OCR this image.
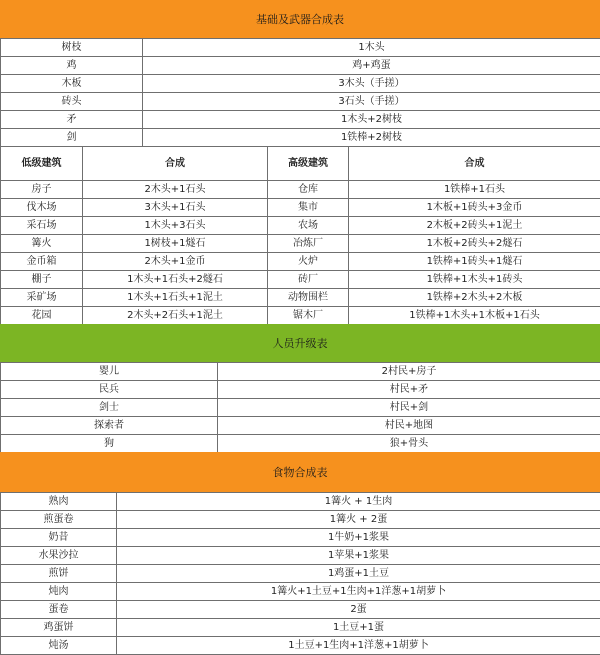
基础及武器合成表
树枝	1木头
鸡	鸡+鸡蛋
木板	3木头（手搓）
砖头	3石头（手搓）
矛	1木头+2树枝
剑	1铁棒+2树枝
低级建筑	合成	高级建筑	合成
房子	2木头+1石头	仓库	1铁棒+1石头
伐木场	3木头+1石头	集市	1木板+1砖头+3金币
采石场	1木头+3石头	农场	2木板+2砖头+1泥土
篝火	1树枝+1燧石	冶炼厂	1木板+2砖头+2燧石
金币箱	2木头+1金币	火炉	1铁棒+1砖头+1燧石
棚子	1木头+1石头+2燧石	砖厂	1铁棒+1木头+1砖头
采矿场	1木头+1石头+1泥土	动物围栏	1铁棒+2木头+2木板
花园	2木头+2石头+1泥土	锯木厂	1铁棒+1木头+1木板+1石头
人员升级表
婴儿	2村民+房子
民兵	村民+矛
剑士	村民+剑
探索者	村民+地图
狗	狼+骨头
食物合成表
熟肉	1篝火 + 1生肉
煎蛋卷	1篝火 + 2蛋
奶昔	1牛奶+1浆果
水果沙拉	1苹果+1浆果
煎饼	1鸡蛋+1土豆
炖肉	1篝火+1土豆+1生肉+1洋葱+1胡萝卜
蛋卷	2蛋
鸡蛋饼	1土豆+1蛋
炖汤	1土豆+1生肉+1洋葱+1胡萝卜
